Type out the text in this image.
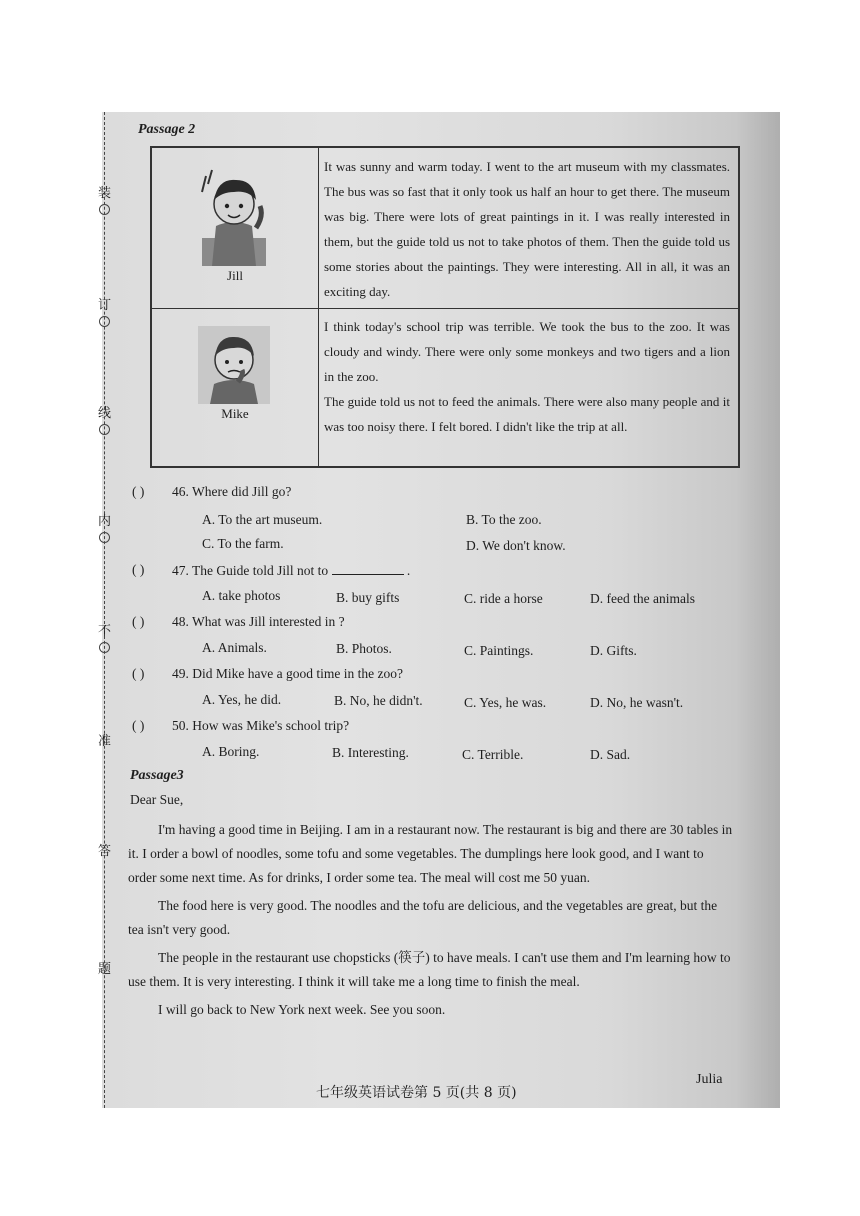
装
订
线
内
不
准
答
题
Passage 2
Jill
It was sunny and warm today. I went to the art museum with my classmates. The bus was so fast that it only took us half an hour to get there. The museum was big. There were lots of great paintings in it. I was really interested in them, but the guide told us not to take photos of them. Then the guide told us some stories about the paintings. They were interesting. All in all, it was an exciting day.
Mike
I think today's school trip was terrible. We took the bus to the zoo. It was cloudy and windy. There were only some monkeys and two tigers and a lion in the zoo.
The guide told us not to feed the animals. There were also many people and it was too noisy there. I felt bored. I didn't like the trip at all.
( ) 46. Where did Jill go?
A. To the art museum.	B. To the zoo.
C. To the farm.	D. We don't know.
( ) 47. The Guide told Jill not to	.
A. take photos	B. buy gifts	C. ride a horse	D. feed the animals
( ) 48. What was Jill interested in ?
A. Animals.	B. Photos.	C. Paintings.	D. Gifts.
( ) 49. Did Mike have a good time in the zoo?
A. Yes, he did.	B. No, he didn't.	C. Yes, he was.	D. No, he wasn't.
( ) 50. How was Mike's school trip?
A. Boring.	B. Interesting.	C. Terrible.	D. Sad.
Passage3
Dear Sue,

I'm having a good time in Beijing. I am in a restaurant now. The restaurant is big and there are 30 tables in it. I order a bowl of noodles, some tofu and some vegetables. The dumplings here look good, and I want to order some next time. As for drinks, I order some tea. The meal will cost me 50 yuan.

The food here is very good. The noodles and the tofu are delicious, and the vegetables are great, but the tea isn't very good.

The people in the restaurant use chopsticks (筷子) to have meals. I can't use them and I'm learning how to use them. It is very interesting. I think it will take me a long time to finish the meal.

I will go back to New York next week. See you soon.

Julia
七年级英语试卷第 5 页(共 8 页)
